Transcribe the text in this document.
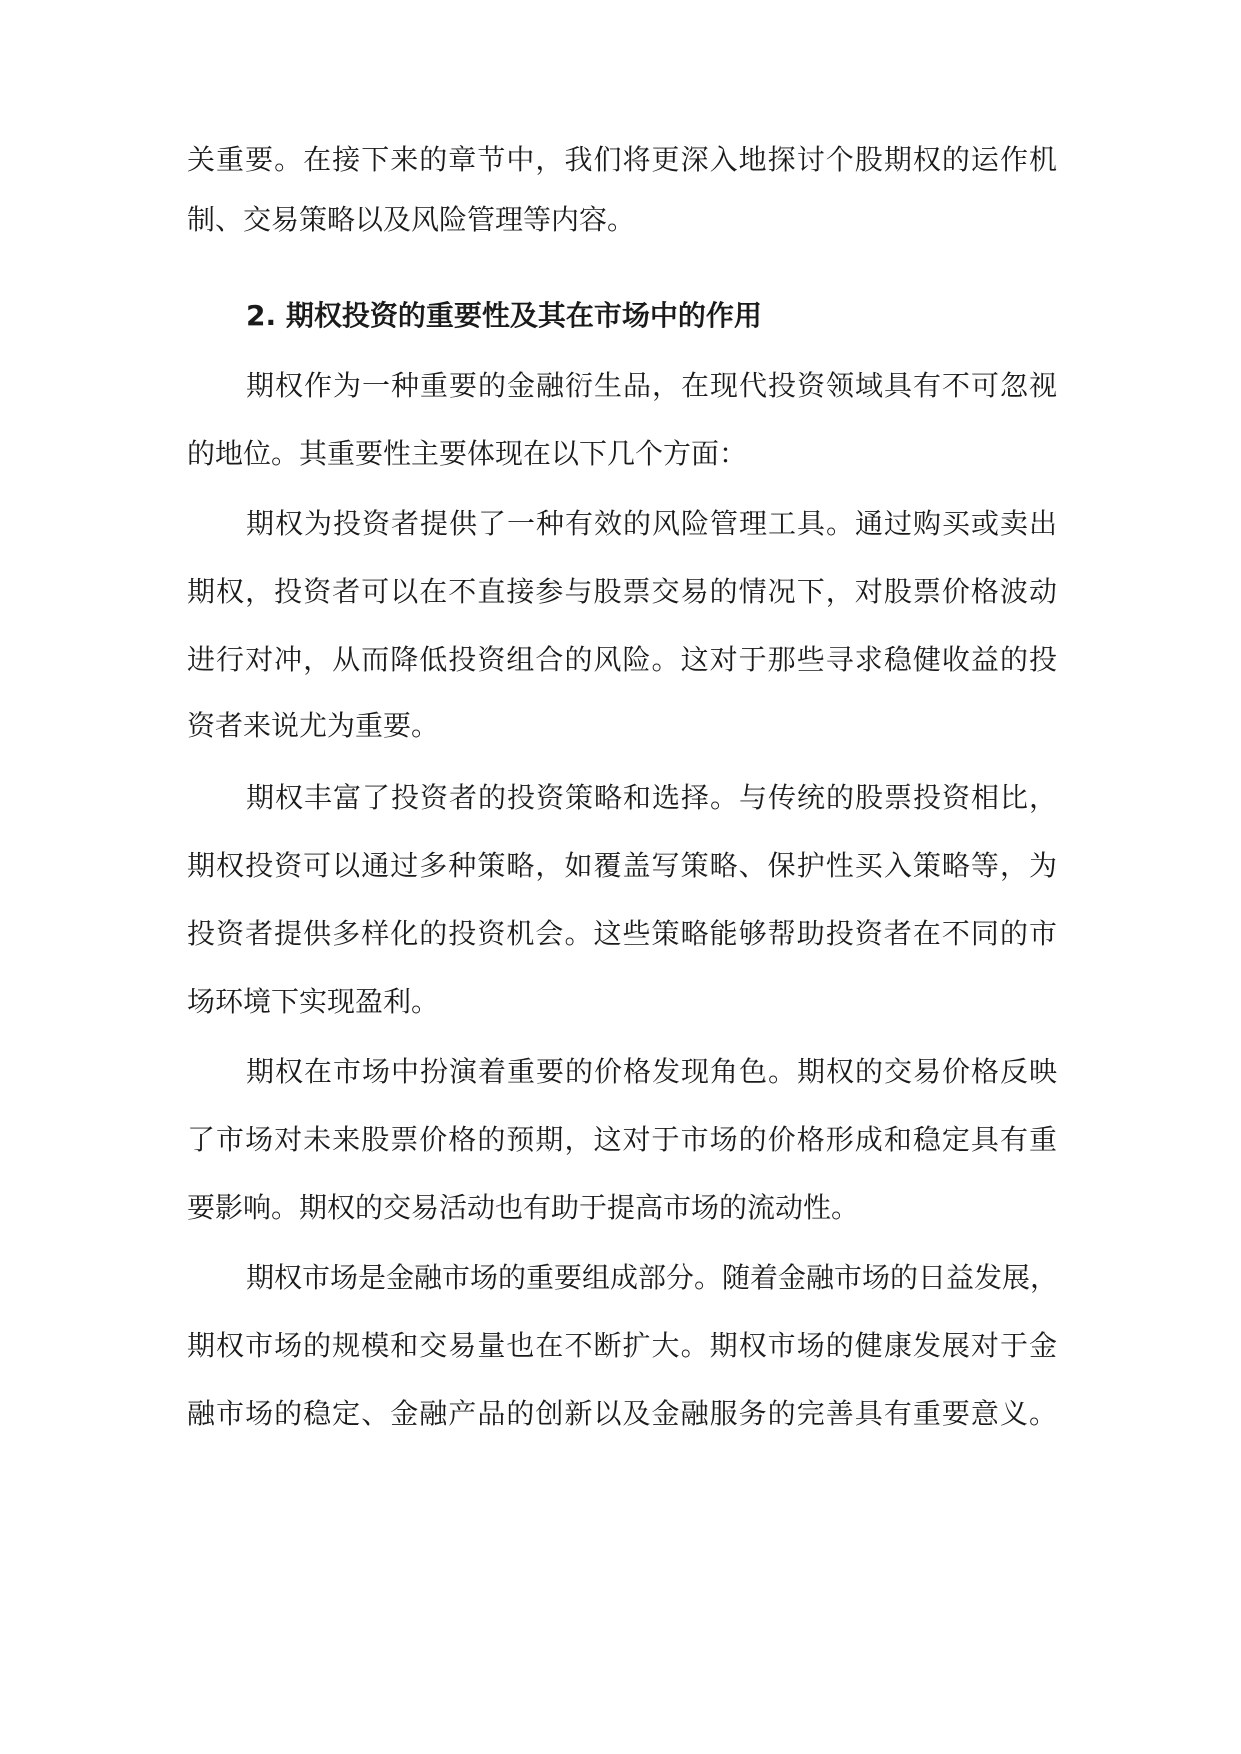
关重要。在接下来的章节中，我们将更深入地探讨个股期权的运作机
制、交易策略以及风险管理等内容。
2. 期权投资的重要性及其在市场中的作用
期权作为一种重要的金融衍生品，在现代投资领域具有不可忽视
的地位。其重要性主要体现在以下几个方面：
期权为投资者提供了一种有效的风险管理工具。通过购买或卖出
期权，投资者可以在不直接参与股票交易的情况下，对股票价格波动
进行对冲，从而降低投资组合的风险。这对于那些寻求稳健收益的投
资者来说尤为重要。
期权丰富了投资者的投资策略和选择。与传统的股票投资相比，
期权投资可以通过多种策略，如覆盖写策略、保护性买入策略等，为
投资者提供多样化的投资机会。这些策略能够帮助投资者在不同的市
场环境下实现盈利。
期权在市场中扮演着重要的价格发现角色。期权的交易价格反映
了市场对未来股票价格的预期，这对于市场的价格形成和稳定具有重
要影响。期权的交易活动也有助于提高市场的流动性。
期权市场是金融市场的重要组成部分。随着金融市场的日益发展，
期权市场的规模和交易量也在不断扩大。期权市场的健康发展对于金
融市场的稳定、金融产品的创新以及金融服务的完善具有重要意义。
